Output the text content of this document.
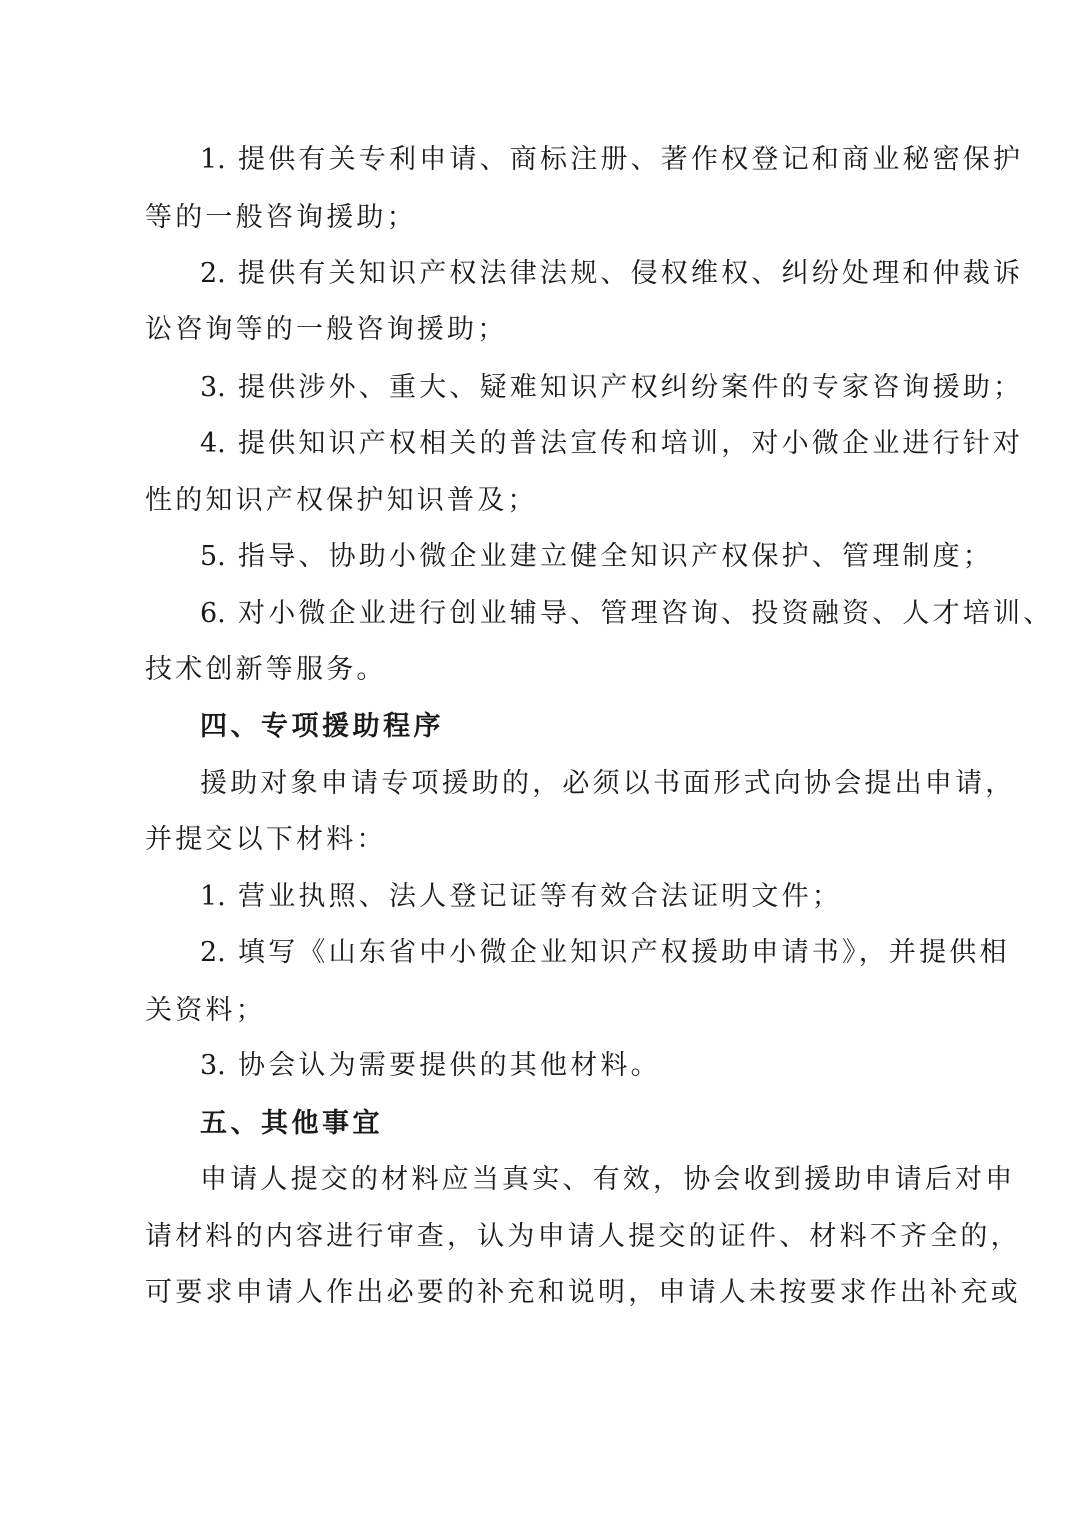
1. 提供有关专利申请、商标注册、著作权登记和商业秘密保护
等的一般咨询援助；
2. 提供有关知识产权法律法规、侵权维权、纠纷处理和仲裁诉
讼咨询等的一般咨询援助；
3. 提供涉外、重大、疑难知识产权纠纷案件的专家咨询援助；
4. 提供知识产权相关的普法宣传和培训，对小微企业进行针对
性的知识产权保护知识普及；
5. 指导、协助小微企业建立健全知识产权保护、管理制度；
6. 对小微企业进行创业辅导、管理咨询、投资融资、人才培训、
技术创新等服务。
四、专项援助程序
援助对象申请专项援助的，必须以书面形式向协会提出申请，
并提交以下材料：
1. 营业执照、法人登记证等有效合法证明文件；
2. 填写《山东省中小微企业知识产权援助申请书》，并提供相
关资料；
3. 协会认为需要提供的其他材料。
五、其他事宜
申请人提交的材料应当真实、有效，协会收到援助申请后对申
请材料的内容进行审查，认为申请人提交的证件、材料不齐全的，
可要求申请人作出必要的补充和说明，申请人未按要求作出补充或
